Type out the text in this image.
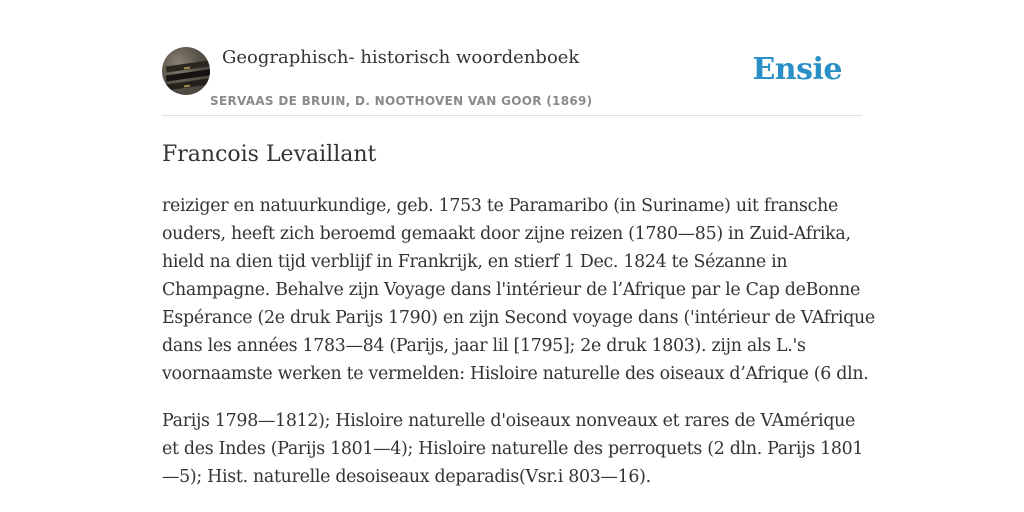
Geographisch- historisch woordenboek
SERVAAS DE BRUIN, D. NOOTHOVEN VAN GOOR (1869)
Ensie
Francois Levaillant

reiziger en natuurkundige, geb. 1753 te Paramaribo (in Suriname) uit fransche
ouders, heeft zich beroemd gemaakt door zijne reizen (1780—85) in Zuid-Afrika,
hield na dien tijd verblijf in Frankrijk, en stierf 1 Dec. 1824 te Sézanne in
Champagne. Behalve zijn Voyage dans l'intérieur de l’Afrique par le Cap deBonne
Espérance (2e druk Parijs 1790) en zijn Second voyage dans ('intérieur de VAfrique
dans les années 1783—84 (Parijs, jaar lil [1795]; 2e druk 1803). zijn als L.'s
voornaamste werken te vermelden: Hisloire naturelle des oiseaux d’Afrique (6 dln.

Parijs 1798—1812); Hisloire naturelle d'oiseaux nonveaux et rares de VAmérique
et des Indes (Parijs 1801—4); Hisloire naturelle des perroquets (2 dln. Parijs 1801
—5); Hist. naturelle desoiseaux deparadis(Vsr.i 803—16).
